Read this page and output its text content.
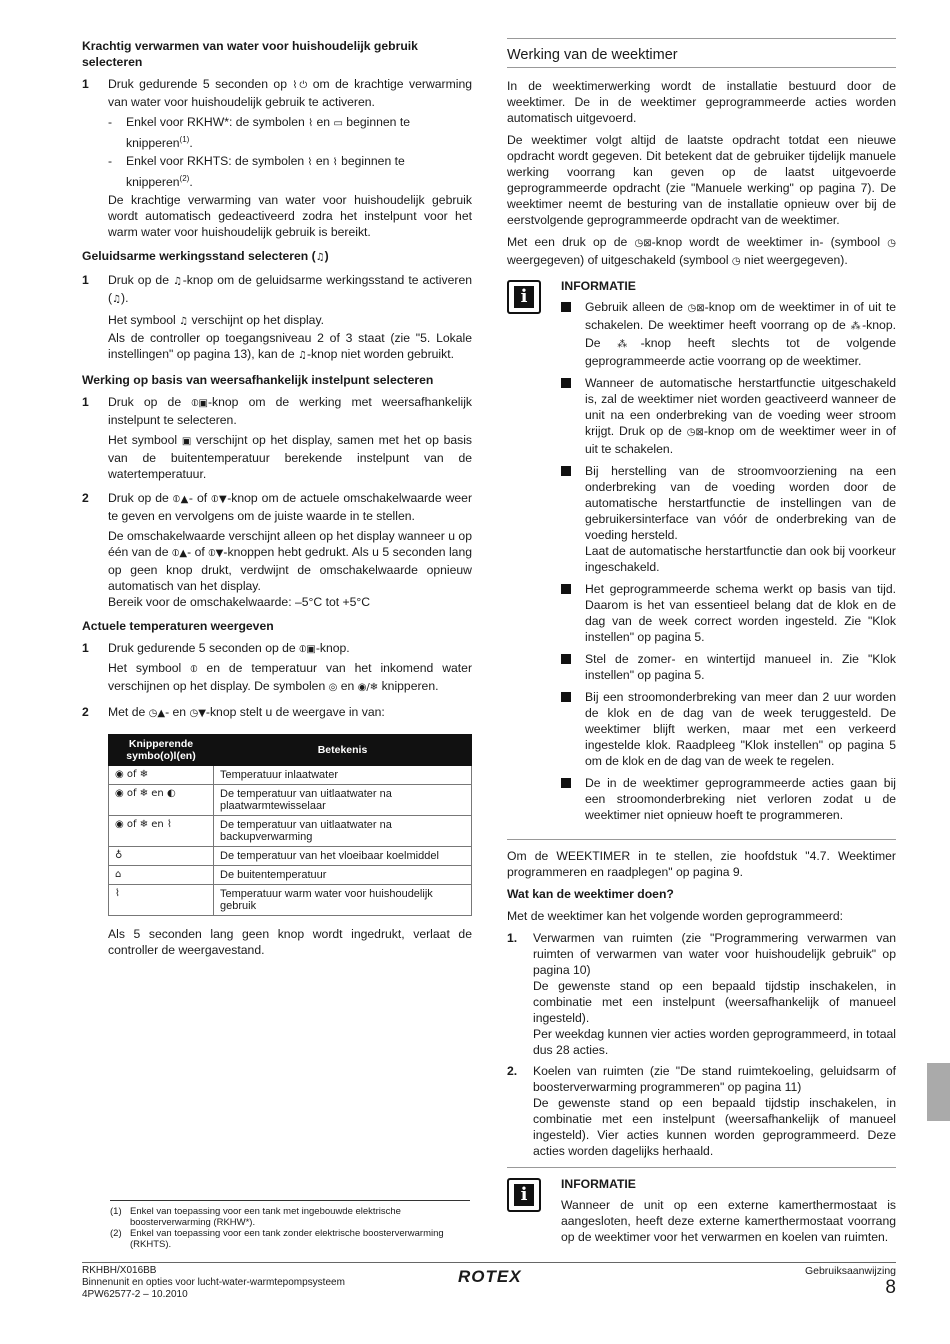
Krachtig verwarmen van water voor huishoudelijk gebruik selecteren
1	Druk gedurende 5 seconden op ⌇⏻ om de krachtige verwarming van water voor huishoudelijk gebruik te activeren.

-	Enkel voor RKHW*: de symbolen ⌇ en ▭ beginnen te knipperen$^{(1)}$.
-	Enkel voor RKHTS: de symbolen ⌇ en ⌇ beginnen te knipperen$^{(2)}$.

De krachtige verwarming van water voor huishoudelijk gebruik wordt automatisch gedeactiveerd zodra het instelpunt voor het warm water voor huishoudelijk gebruik is bereikt.

Geluidsarme werkingsstand selecteren (♫)
1	Druk op de ♫-knop om de geluidsarme werkingsstand te activeren (♫).

Het symbool ♫ verschijnt op het display.

Als de controller op toegangsniveau 2 of 3 staat (zie "5. Lokale instellingen" op pagina 13), kan de ♫-knop niet worden gebruikt.

Werking op basis van weersafhankelijk instelpunt selecteren
1	Druk op de ⦶▣-knop om de werking met weersafhankelijk instelpunt te selecteren.

Het symbool ▣ verschijnt op het display, samen met het op basis van de buitentemperatuur berekende instelpunt van de watertemperatuur.

2	Druk op de ⦶▲- of ⦶▼-knop om de actuele omschakelwaarde weer te geven en vervolgens om de juiste waarde in te stellen.

De omschakelwaarde verschijnt alleen op het display wanneer u op één van de ⦶▲- of ⦶▼-knoppen hebt gedrukt. Als u 5 seconden lang op geen knop drukt, verdwijnt de omschakelwaarde opnieuw automatisch van het display.

Bereik voor de omschakelwaarde: –5°C tot +5°C

Actuele temperaturen weergeven
1	Druk gedurende 5 seconden op de ⦶▣-knop.

Het symbool ⦶ en de temperatuur van het inkomend water verschijnen op het display. De symbolen ◎ en ◉/❄ knipperen.

2	Met de ◷▲- en ◷▼-knop stelt u de weergave in van:

Knipperende symbo(o)l(en)	Betekenis
◉ of ❄	Temperatuur inlaatwater
◉ of ❄ en ◐	De temperatuur van uitlaatwater na plaatwarmtewisselaar
◉ of ❄ en ⌇	De temperatuur van uitlaatwater na backupverwarming
♁	De temperatuur van het vloeibaar koelmiddel
⌂	De buitentemperatuur
⌇	Temperatuur warm water voor huishoudelijk gebruik

Als 5 seconden lang geen knop wordt ingedrukt, verlaat de controller de weergavestand.

Werking van de weektimer

In de weektimerwerking wordt de installatie bestuurd door de weektimer. De in de weektimer geprogrammeerde acties worden automatisch uitgevoerd.

De weektimer volgt altijd de laatste opdracht totdat een nieuwe opdracht wordt gegeven. Dit betekent dat de gebruiker tijdelijk manuele werking voorrang kan geven op de laatst uitgevoerde geprogrammeerde opdracht (zie "Manuele werking" op pagina 7). De weektimer neemt de besturing van de installatie opnieuw over bij de eerstvolgende geprogrammeerde opdracht van de weektimer.

Met een druk op de ◷⊠-knop wordt de weektimer in- (symbool ◷ weergegeven) of uitgeschakeld (symbool ◷ niet weergegeven).

i	INFORMATIE
Gebruik alleen de ◷⊠-knop om de weektimer in of uit te schakelen. De weektimer heeft voorrang op de ⁂-knop. De ⁂-knop heeft slechts tot de volgende geprogrammeerde actie voorrang op de weektimer.
Wanneer de automatische herstartfunctie uitgeschakeld is, zal de weektimer niet worden geactiveerd wanneer de unit na een onderbreking van de voeding weer stroom krijgt. Druk op de ◷⊠-knop om de weektimer weer in of uit te schakelen.
Bij herstelling van de stroomvoorziening na een onderbreking van de voeding worden door de automatische herstartfunctie de instellingen van de gebruikersinterface van vóór de onderbreking van de voeding hersteld.
Laat de automatische herstartfunctie dan ook bij voorkeur ingeschakeld.
Het geprogrammeerde schema werkt op basis van tijd. Daarom is het van essentieel belang dat de klok en de dag van de week correct worden ingesteld. Zie "Klok instellen" op pagina 5.
Stel de zomer- en wintertijd manueel in. Zie "Klok instellen" op pagina 5.
Bij een stroomonderbreking van meer dan 2 uur worden de klok en de dag van de week teruggesteld. De weektimer blijft werken, maar met een verkeerd ingestelde klok. Raadpleeg "Klok instellen" op pagina 5 om de klok en de dag van de week te regelen.
De in de weektimer geprogrammeerde acties gaan bij een stroomonderbreking niet verloren zodat u de weektimer niet opnieuw hoeft te programmeren.

Om de WEEKTIMER in te stellen, zie hoofdstuk "4.7. Weektimer programmeren en raadplegen" op pagina 9.

Wat kan de weektimer doen?

Met de weektimer kan het volgende worden geprogrammeerd:

1.	Verwarmen van ruimten (zie "Programmering verwarmen van ruimten of verwarmen van water voor huishoudelijk gebruik" op pagina 10)
De gewenste stand op een bepaald tijdstip inschakelen, in combinatie met een instelpunt (weersafhankelijk of manueel ingesteld).
Per weekdag kunnen vier acties worden geprogrammeerd, in totaal dus 28 acties.
2.	Koelen van ruimten (zie "De stand ruimtekoeling, geluidsarm of boosterverwarming programmeren" op pagina 11)
De gewenste stand op een bepaald tijdstip inschakelen, in combinatie met een instelpunt (weersafhankelijk of manueel ingesteld). Vier acties kunnen worden geprogrammeerd. Deze acties worden dagelijks herhaald.
i	INFORMATIE

Wanneer de unit op een externe kamerthermostaat is aangesloten, heeft deze externe kamerthermostaat voorrang op de weektimer voor het verwarmen en koelen van ruimten.

(1) Enkel van toepassing voor een tank met ingebouwde elektrische boosterverwarming (RKHW*).
(2) Enkel van toepassing voor een tank zonder elektrische boosterverwarming (RKHTS).
RKHBH/X016BB
Binnenunit en opties voor lucht-water-warmtepompsysteem
4PW62577-2 – 10.2010
ROTEX	Gebruiksaanwijzing
8
